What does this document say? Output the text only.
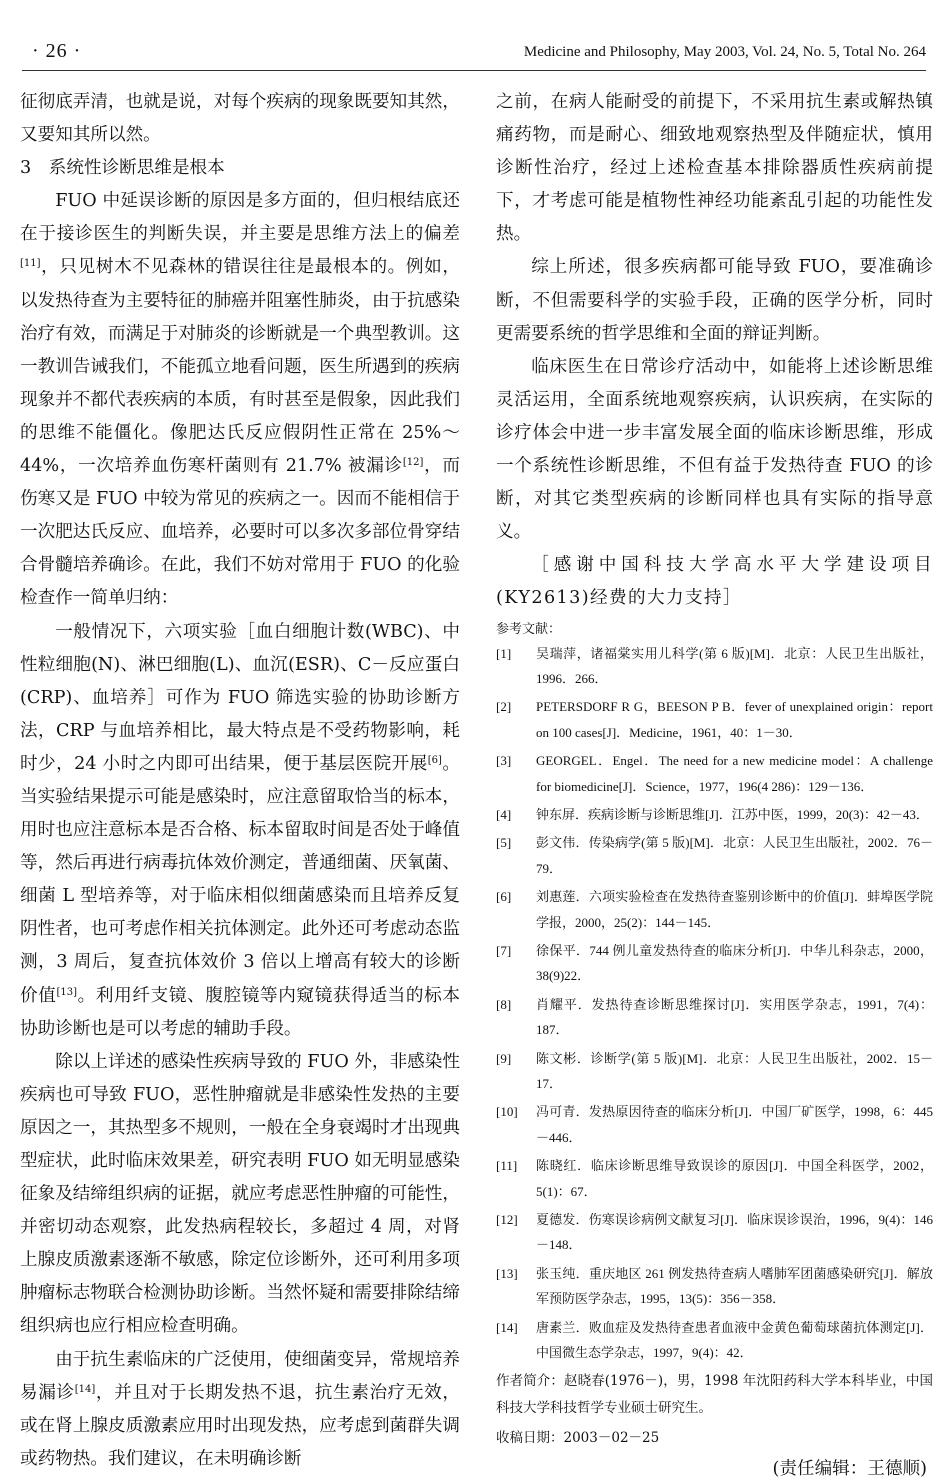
· 26 ·	Medicine and Philosophy, May 2003, Vol. 24, No. 5, Total No. 264

征彻底弄清，也就是说，对每个疾病的现象既要知其然，又要知其所以然。

3　系统性诊断思维是根本

FUO 中延误诊断的原因是多方面的，但归根结底还在于接诊医生的判断失误，并主要是思维方法上的偏差[11]，只见树木不见森林的错误往往是最根本的。例如，以发热待查为主要特征的肺癌并阻塞性肺炎，由于抗感染治疗有效，而满足于对肺炎的诊断就是一个典型教训。这一教训告诫我们，不能孤立地看问题，医生所遇到的疾病现象并不都代表疾病的本质，有时甚至是假象，因此我们的思维不能僵化。像肥达氏反应假阴性正常在 25%～44%，一次培养血伤寒杆菌则有 21.7% 被漏诊[12]，而伤寒又是 FUO 中较为常见的疾病之一。因而不能相信于一次肥达氏反应、血培养，必要时可以多次多部位骨穿结合骨髓培养确诊。在此，我们不妨对常用于 FUO 的化验检查作一简单归纳：

一般情况下，六项实验［血白细胞计数(WBC)、中性粒细胞(N)、淋巴细胞(L)、血沉(ESR)、C－反应蛋白(CRP)、血培养］可作为 FUO 筛选实验的协助诊断方法，CRP 与血培养相比，最大特点是不受药物影响，耗时少，24 小时之内即可出结果，便于基层医院开展[6]。当实验结果提示可能是感染时，应注意留取恰当的标本，用时也应注意标本是否合格、标本留取时间是否处于峰值等，然后再进行病毒抗体效价测定，普通细菌、厌氧菌、细菌 L 型培养等，对于临床相似细菌感染而且培养反复阴性者，也可考虑作相关抗体测定。此外还可考虑动态监测，3 周后，复查抗体效价 3 倍以上增高有较大的诊断价值[13]。利用纤支镜、腹腔镜等内窥镜获得适当的标本协助诊断也是可以考虑的辅助手段。

除以上详述的感染性疾病导致的 FUO 外，非感染性疾病也可导致 FUO，恶性肿瘤就是非感染性发热的主要原因之一，其热型多不规则，一般在全身衰竭时才出现典型症状，此时临床效果差，研究表明 FUO 如无明显感染征象及结缔组织病的证据，就应考虑恶性肿瘤的可能性，并密切动态观察，此发热病程较长，多超过 4 周，对肾上腺皮质激素逐渐不敏感，除定位诊断外，还可利用多项肿瘤标志物联合检测协助诊断。当然怀疑和需要排除结缔组织病也应行相应检查明确。

由于抗生素临床的广泛使用，使细菌变异，常规培养易漏诊[14]，并且对于长期发热不退，抗生素治疗无效，或在肾上腺皮质激素应用时出现发热，应考虑到菌群失调或药物热。我们建议，在未明确诊断

之前，在病人能耐受的前提下，不采用抗生素或解热镇痛药物，而是耐心、细致地观察热型及伴随症状，慎用诊断性治疗，经过上述检查基本排除器质性疾病前提下，才考虑可能是植物性神经功能紊乱引起的功能性发热。

综上所述，很多疾病都可能导致 FUO，要准确诊断，不但需要科学的实验手段，正确的医学分析，同时更需要系统的哲学思维和全面的辩证判断。

临床医生在日常诊疗活动中，如能将上述诊断思维灵活运用，全面系统地观察疾病，认识疾病，在实际的诊疗体会中进一步丰富发展全面的临床诊断思维，形成一个系统性诊断思维，不但有益于发热待查 FUO 的诊断，对其它类型疾病的诊断同样也具有实际的指导意义。

［感谢中国科技大学高水平大学建设项目(KY2613)经费的大力支持］

参考文献：
[1]	吴瑞萍，诸福棠实用儿科学(第 6 版)[M]．北京：人民卫生出版社，1996．266．
[2]	PETERSDORF R G，BEESON P B．fever of unexplained origin：report on 100 cases[J]．Medicine，1961，40：1－30．
[3]	GEORGEL．Engel．The need for a new medicine model：A challenge for biomedicine[J]．Science，1977，196(4 286)：129－136．
[4]	钟东屏．疾病诊断与诊断思维[J]．江苏中医，1999，20(3)：42－43．
[5]	彭文伟．传染病学(第 5 版)[M]．北京：人民卫生出版社，2002．76－79．
[6]	刘惠莲．六项实验检查在发热待查鉴别诊断中的价值[J]．蚌埠医学院学报，2000，25(2)：144－145．
[7]	徐保平．744 例儿童发热待查的临床分析[J]．中华儿科杂志，2000，38(9)22．
[8]	肖耀平．发热待查诊断思维探讨[J]．实用医学杂志，1991，7(4)：187．
[9]	陈文彬．诊断学(第 5 版)[M]．北京：人民卫生出版社，2002．15－17．
[10]	冯可青．发热原因待查的临床分析[J]．中国厂矿医学，1998，6：445－446．
[11]	陈晓红．临床诊断思维导致误诊的原因[J]．中国全科医学，2002，5(1)：67．
[12]	夏德发．伤寒误诊病例文献复习[J]．临床误诊误治，1996，9(4)：146－148．
[13]	张玉纯．重庆地区 261 例发热待查病人嗜肺军团菌感染研究[J]．解放军预防医学杂志，1995，13(5)：356－358．
[14]	唐素兰．败血症及发热待查患者血液中金黄色葡萄球菌抗体测定[J]．中国微生态学杂志，1997，9(4)：42．
作者简介：赵晓春(1976－)，男，1998 年沈阳药科大学本科毕业，中国科技大学科技哲学专业硕士研究生。
收稿日期：2003－02－25
(责任编辑：王德顺)
